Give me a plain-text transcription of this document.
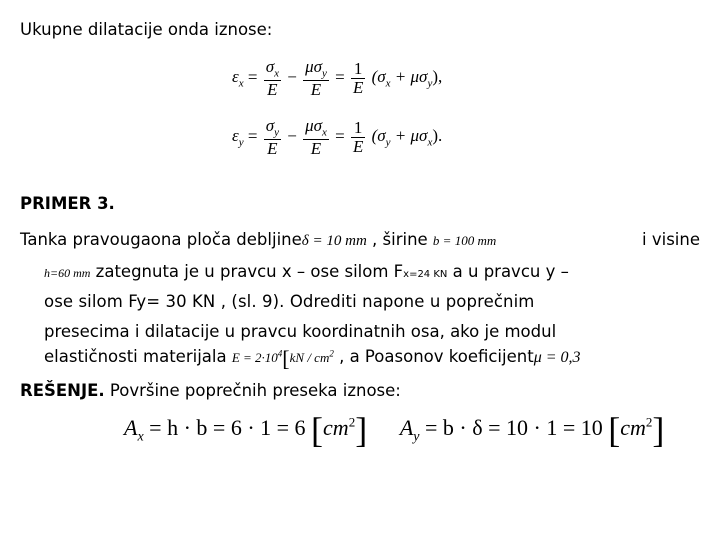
Ukupne dilatacije onda iznose:
$\varepsilon_x = \frac{\sigma_x}{E} - \frac{\mu\sigma_y}{E} = \frac{1}{E} (\sigma_x + \mu\sigma_y)$,
$\varepsilon_y = \frac{\sigma_y}{E} - \frac{\mu\sigma_x}{E} = \frac{1}{E} (\sigma_y + \mu\sigma_x)$.
PRIMER 3.
Tanka pravougaona ploča debljineδ = 10 mm , širine b = 100 mm	i visine
h=60 mm zategnuta je u pravcu x – ose silom Fx=24 KN a u pravcu y –
ose silom Fy= 30 KN , (sl. 9). Odrediti napone u poprečnim
presecima i dilatacije u pravcu koordinatnih osa, ako je modul
elastičnosti materijala $E = 2\cdot 10^4[kN / cm^2$ , a Poasonov koeficijentμ = 0,3
REŠENJE. Površine poprečnih preseka iznose:
$A_x = h \cdot b = 6 \cdot 1 = 6$ $[cm^2] A_y = b \cdot \delta = 10 \cdot 1 = 10$ $[cm^2]$
